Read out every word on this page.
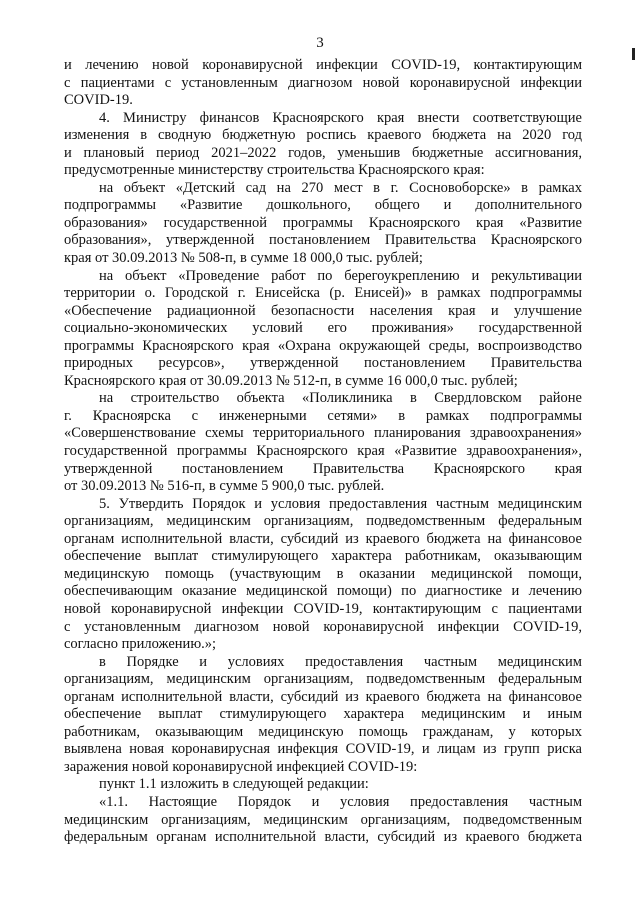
3
и лечению новой коронавирусной инфекции COVID-19, контактирующим
с пациентами с установленным диагнозом новой коронавирусной инфекции
COVID-19.
4. Министру финансов Красноярского края внести соответствующие
изменения в сводную бюджетную роспись краевого бюджета на 2020 год
и плановый период 2021–2022 годов, уменьшив бюджетные ассигнования,
предусмотренные министерству строительства Красноярского края:
на объект «Детский сад на 270 мест в г. Сосновоборске» в рамках
подпрограммы «Развитие дошкольного, общего и дополнительного
образования» государственной программы Красноярского края «Развитие
образования», утвержденной постановлением Правительства Красноярского
края от 30.09.2013 № 508-п, в сумме 18 000,0 тыс. рублей;
на объект «Проведение работ по берегоукреплению и рекультивации
территории о. Городской г. Енисейска (р. Енисей)» в рамках подпрограммы
«Обеспечение радиационной безопасности населения края и улучшение
социально-экономических условий его проживания» государственной
программы Красноярского края «Охрана окружающей среды, воспроизводство
природных ресурсов», утвержденной постановлением Правительства
Красноярского края от 30.09.2013 № 512-п, в сумме 16 000,0 тыс. рублей;
на строительство объекта «Поликлиника в Свердловском районе
г. Красноярска с инженерными сетями» в рамках подпрограммы
«Совершенствование схемы территориального планирования здравоохранения»
государственной программы Красноярского края «Развитие здравоохранения»,
утвержденной постановлением Правительства Красноярского края
от 30.09.2013 № 516-п, в сумме 5 900,0 тыс. рублей.
5. Утвердить Порядок и условия предоставления частным медицинским
организациям, медицинским организациям, подведомственным федеральным
органам исполнительной власти, субсидий из краевого бюджета на финансовое
обеспечение выплат стимулирующего характера работникам, оказывающим
медицинскую помощь (участвующим в оказании медицинской помощи,
обеспечивающим оказание медицинской помощи) по диагностике и лечению
новой коронавирусной инфекции COVID-19, контактирующим с пациентами
с установленным диагнозом новой коронавирусной инфекции COVID-19,
согласно приложению.»;
в Порядке и условиях предоставления частным медицинским
организациям, медицинским организациям, подведомственным федеральным
органам исполнительной власти, субсидий из краевого бюджета на финансовое
обеспечение выплат стимулирующего характера медицинским и иным
работникам, оказывающим медицинскую помощь гражданам, у которых
выявлена новая коронавирусная инфекция COVID-19, и лицам из групп риска
заражения новой коронавирусной инфекцией COVID-19:
пункт 1.1 изложить в следующей редакции:
«1.1. Настоящие Порядок и условия предоставления частным
медицинским организациям, медицинским организациям, подведомственным
федеральным органам исполнительной власти, субсидий из краевого бюджета
